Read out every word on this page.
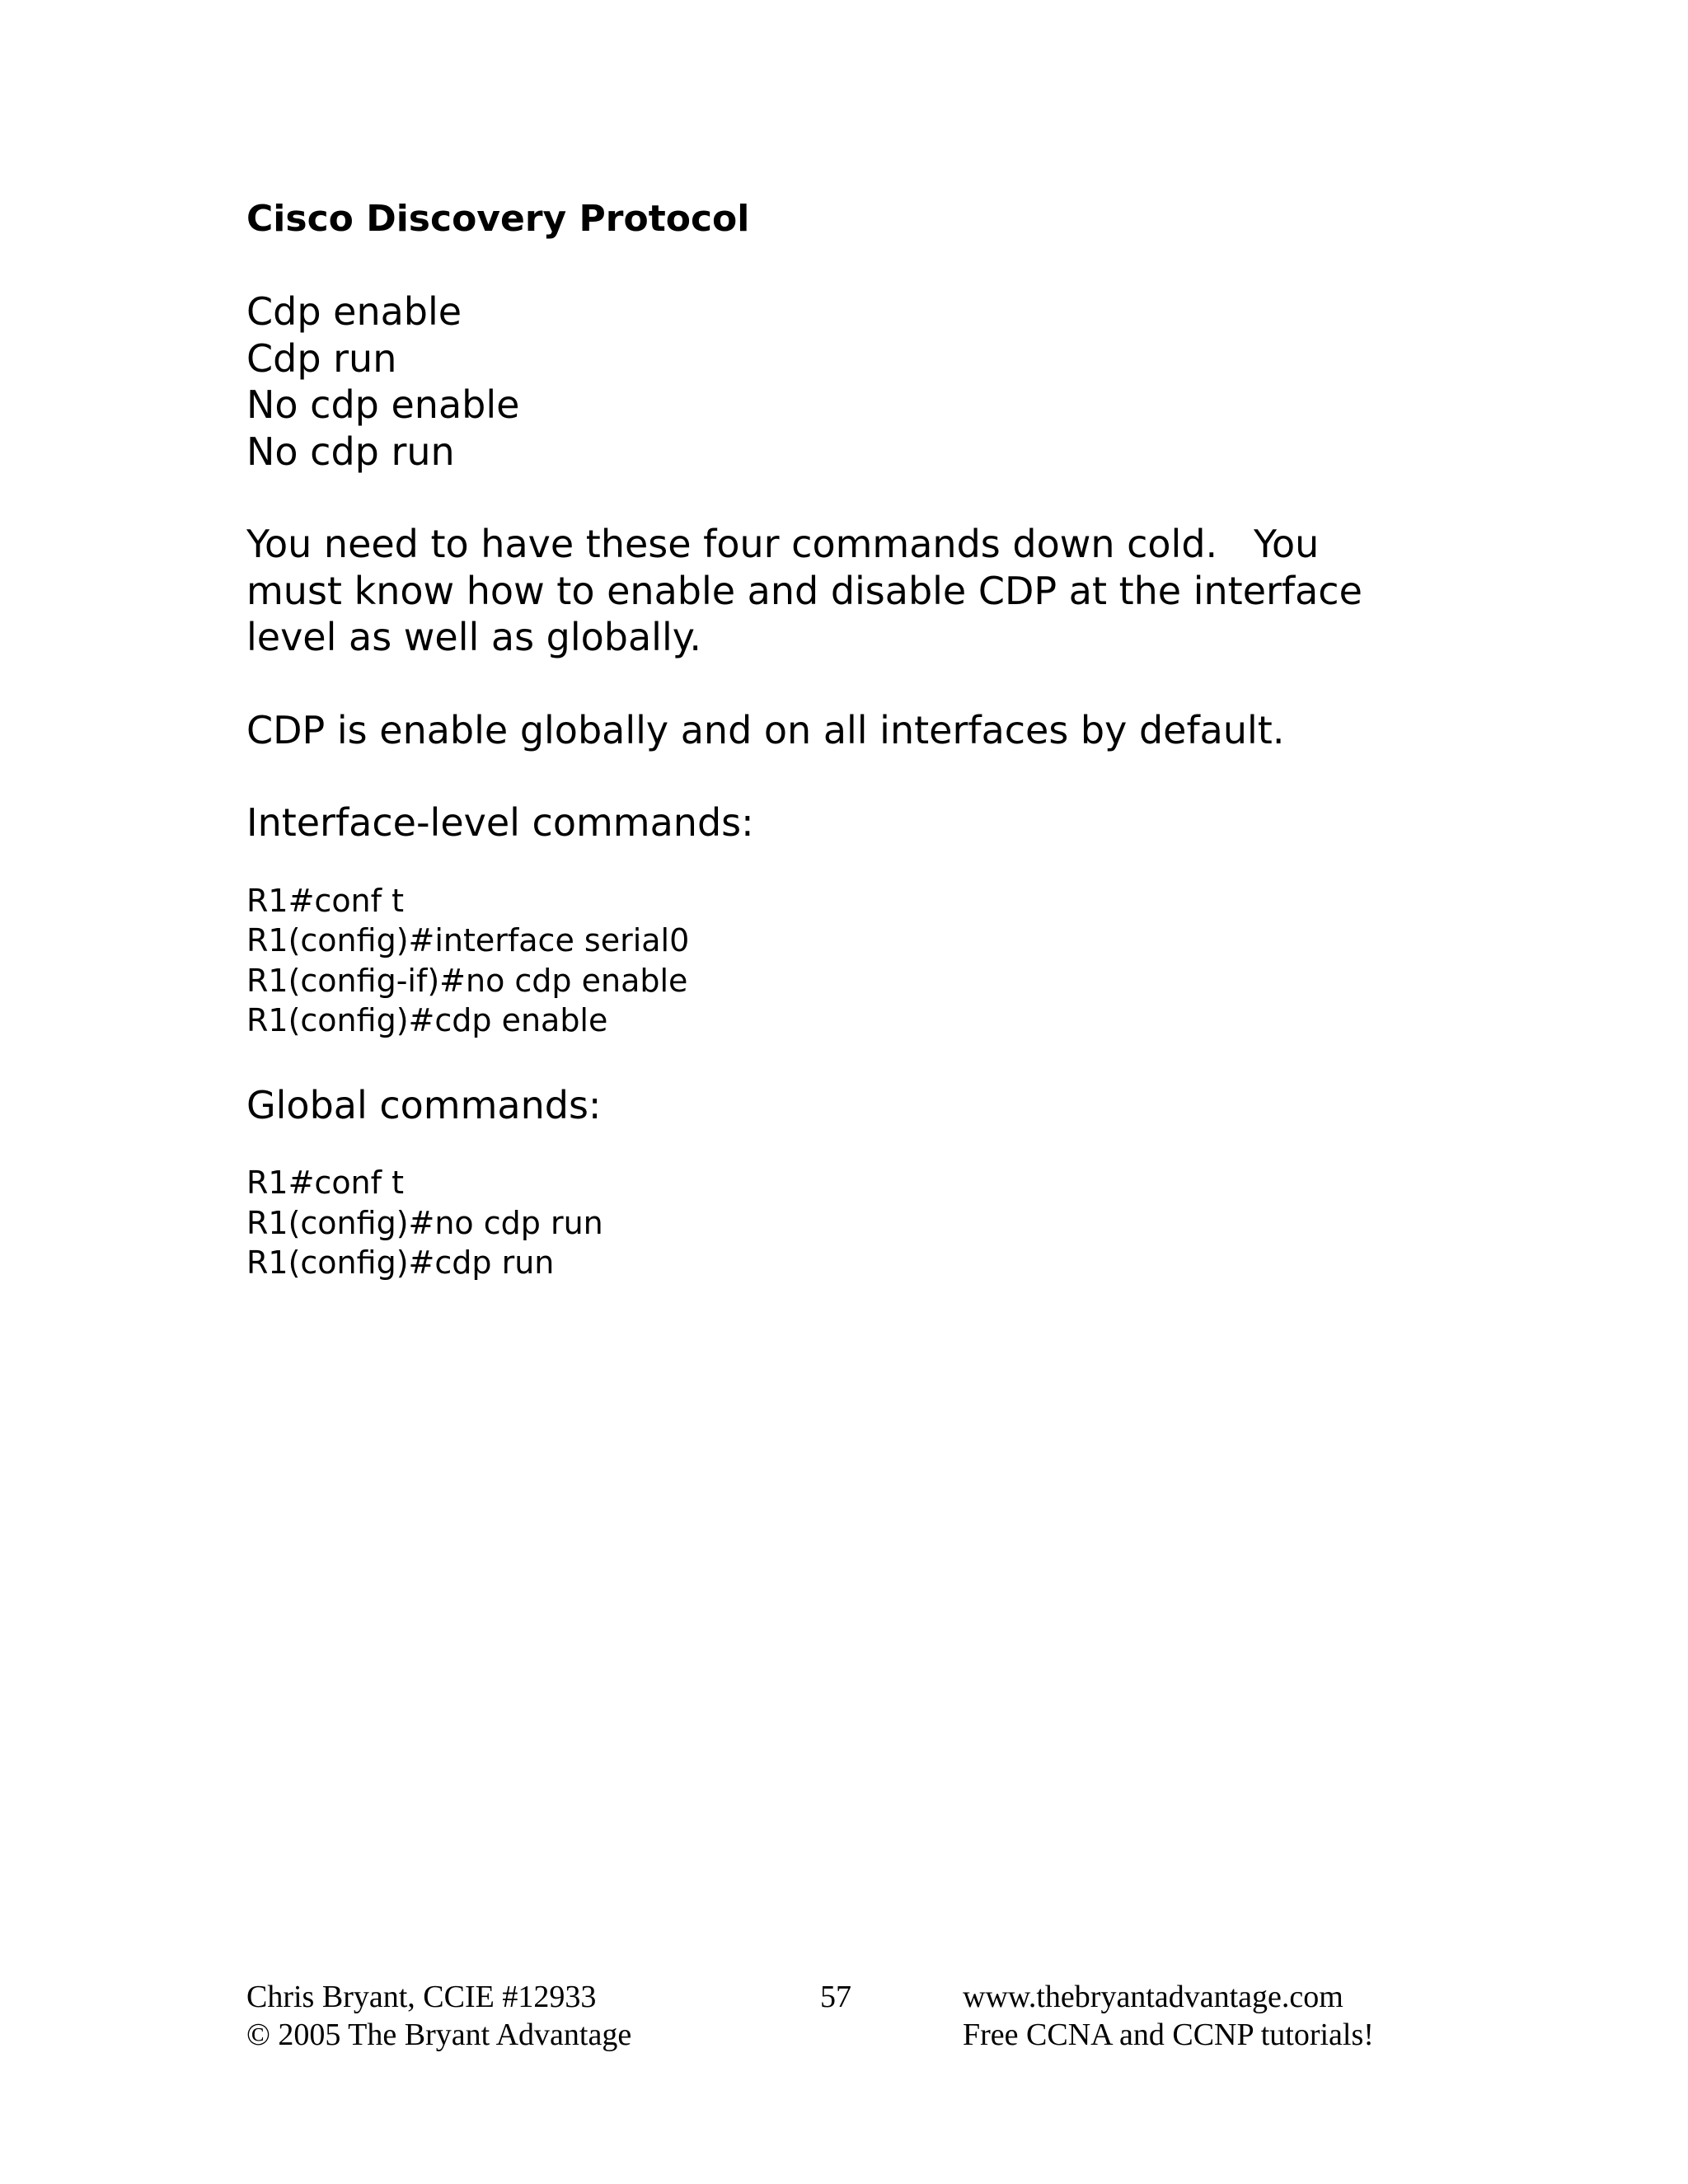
Cisco Discovery Protocol
Cdp enable
Cdp run
No cdp enable
No cdp run
You need to have these four commands down cold.   You
must know how to enable and disable CDP at the interface
level as well as globally.
CDP is enable globally and on all interfaces by default.
Interface-level commands:
R1#conf t
R1(config)#interface serial0
R1(config-if)#no cdp enable
R1(config)#cdp enable
Global commands:
R1#conf t
R1(config)#no cdp run
R1(config)#cdp run
Chris Bryant, CCIE #12933
© 2005 The Bryant Advantage
57	www.thebryantadvantage.com
Free CCNA and CCNP tutorials!
